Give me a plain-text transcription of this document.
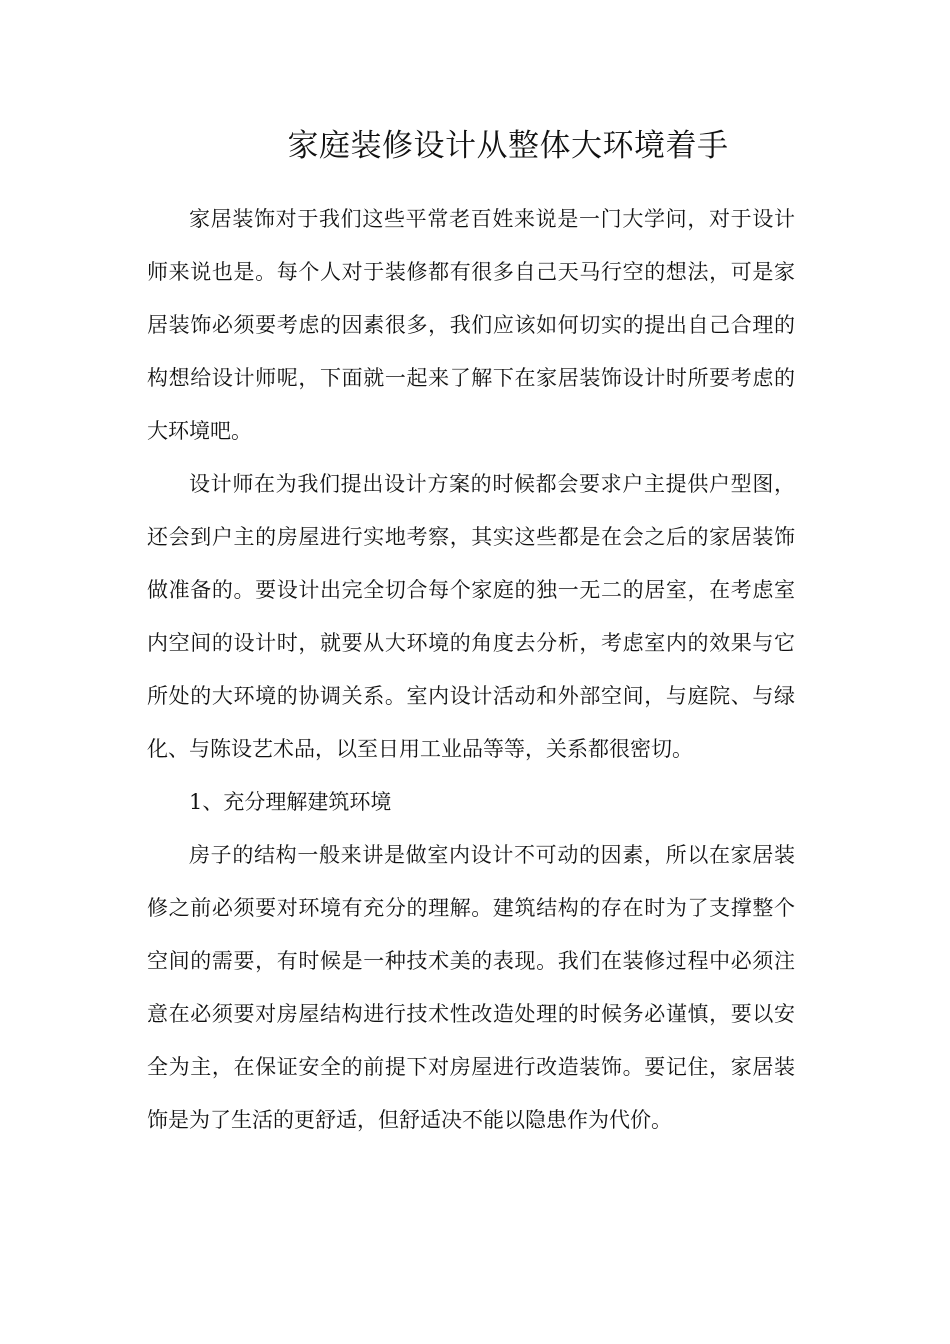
家庭装修设计从整体大环境着手

家居装饰对于我们这些平常老百姓来说是一门大学问，对于设计师来说也是。每个人对于装修都有很多自己天马行空的想法，可是家居装饰必须要考虑的因素很多，我们应该如何切实的提出自己合理的构想给设计师呢，下面就一起来了解下在家居装饰设计时所要考虑的大环境吧。

设计师在为我们提出设计方案的时候都会要求户主提供户型图，还会到户主的房屋进行实地考察，其实这些都是在会之后的家居装饰做准备的。要设计出完全切合每个家庭的独一无二的居室，在考虑室内空间的设计时，就要从大环境的角度去分析，考虑室内的效果与它所处的大环境的协调关系。室内设计活动和外部空间，与庭院、与绿化、与陈设艺术品，以至日用工业品等等，关系都很密切。

1、充分理解建筑环境

房子的结构一般来讲是做室内设计不可动的因素，所以在家居装修之前必须要对环境有充分的理解。建筑结构的存在时为了支撑整个空间的需要，有时候是一种技术美的表现。我们在装修过程中必须注意在必须要对房屋结构进行技术性改造处理的时候务必谨慎，要以安全为主，在保证安全的前提下对房屋进行改造装饰。要记住，家居装饰是为了生活的更舒适，但舒适决不能以隐患作为代价。
